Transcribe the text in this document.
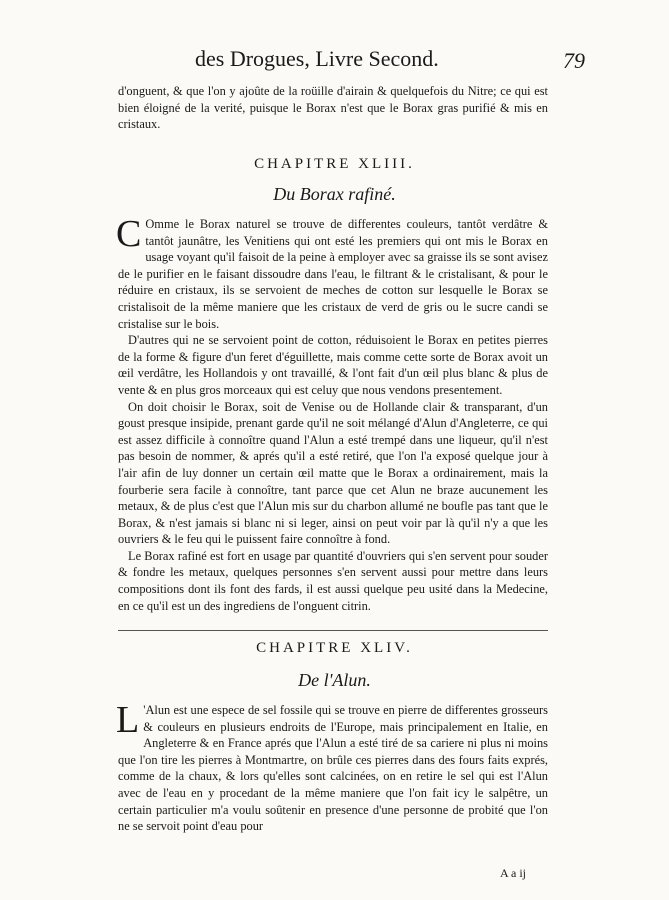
des Drogues, Livre Second.	79

d'onguent, & que l'on y ajoûte de la roüille d'airain & quelquefois du Nitre; ce qui est bien éloigné de la verité, puisque le Borax n'est que le Borax gras purifié & mis en cristaux.

CHAPITRE XLIII.
Du Borax rafiné.

C Omme le Borax naturel se trouve de differentes couleurs, tantôt verdâtre & tantôt jaunâtre, les Venitiens qui ont esté les premiers qui ont mis le Borax en usage voyant qu'il faisoit de la peine à employer avec sa graisse ils se sont avisez de le purifier en le faisant dissoudre dans l'eau, le filtrant & le cristalisant, & pour le réduire en cristaux, ils se servoient de meches de cotton sur lesquelle le Borax se cristalisoit de la même maniere que les cristaux de verd de gris ou le sucre candi se cristalise sur le bois.

D'autres qui ne se servoient point de cotton, réduisoient le Borax en petites pierres de la forme & figure d'un feret d'éguillette, mais comme cette sorte de Borax avoit un œil verdâtre, les Hollandois y ont travaillé, & l'ont fait d'un œil plus blanc & plus de vente & en plus gros morceaux qui est celuy que nous vendons presentement.

On doit choisir le Borax, soit de Venise ou de Hollande clair & transparant, d'un goust presque insipide, prenant garde qu'il ne soit mélangé d'Alun d'Angleterre, ce qui est assez difficile à connoître quand l'Alun a esté trempé dans une liqueur, qu'il n'est pas besoin de nommer, & aprés qu'il a esté retiré, que l'on l'a exposé quelque jour à l'air afin de luy donner un certain œil matte que le Borax a ordinairement, mais la fourberie sera facile à connoître, tant parce que cet Alun ne braze aucunement les metaux, & de plus c'est que l'Alun mis sur du charbon allumé ne boufle pas tant que le Borax, & n'est jamais si blanc ni si leger, ainsi on peut voir par là qu'il n'y a que les ouvriers & le feu qui le puissent faire connoître à fond.

Le Borax rafiné est fort en usage par quantité d'ouvriers qui s'en servent pour souder & fondre les metaux, quelques personnes s'en servent aussi pour mettre dans leurs compositions dont ils font des fards, il est aussi quelque peu usité dans la Medecine, en ce qu'il est un des ingrediens de l'onguent citrin.

CHAPITRE XLIV.
De l'Alun.

L 'Alun est une espece de sel fossile qui se trouve en pierre de differentes grosseurs & couleurs en plusieurs endroits de l'Europe, mais principalement en Italie, en Angleterre & en France aprés que l'Alun a esté tiré de sa cariere ni plus ni moins que l'on tire les pierres à Montmartre, on brûle ces pierres dans des fours faits exprés, comme de la chaux, & lors qu'elles sont calcinées, on en retire le sel qui est l'Alun avec de l'eau en y procedant de la même maniere que l'on fait icy le salpêtre, un certain particulier m'a voulu soûtenir en presence d'une personne de probité que l'on ne se servoit point d'eau pour

A a ij
